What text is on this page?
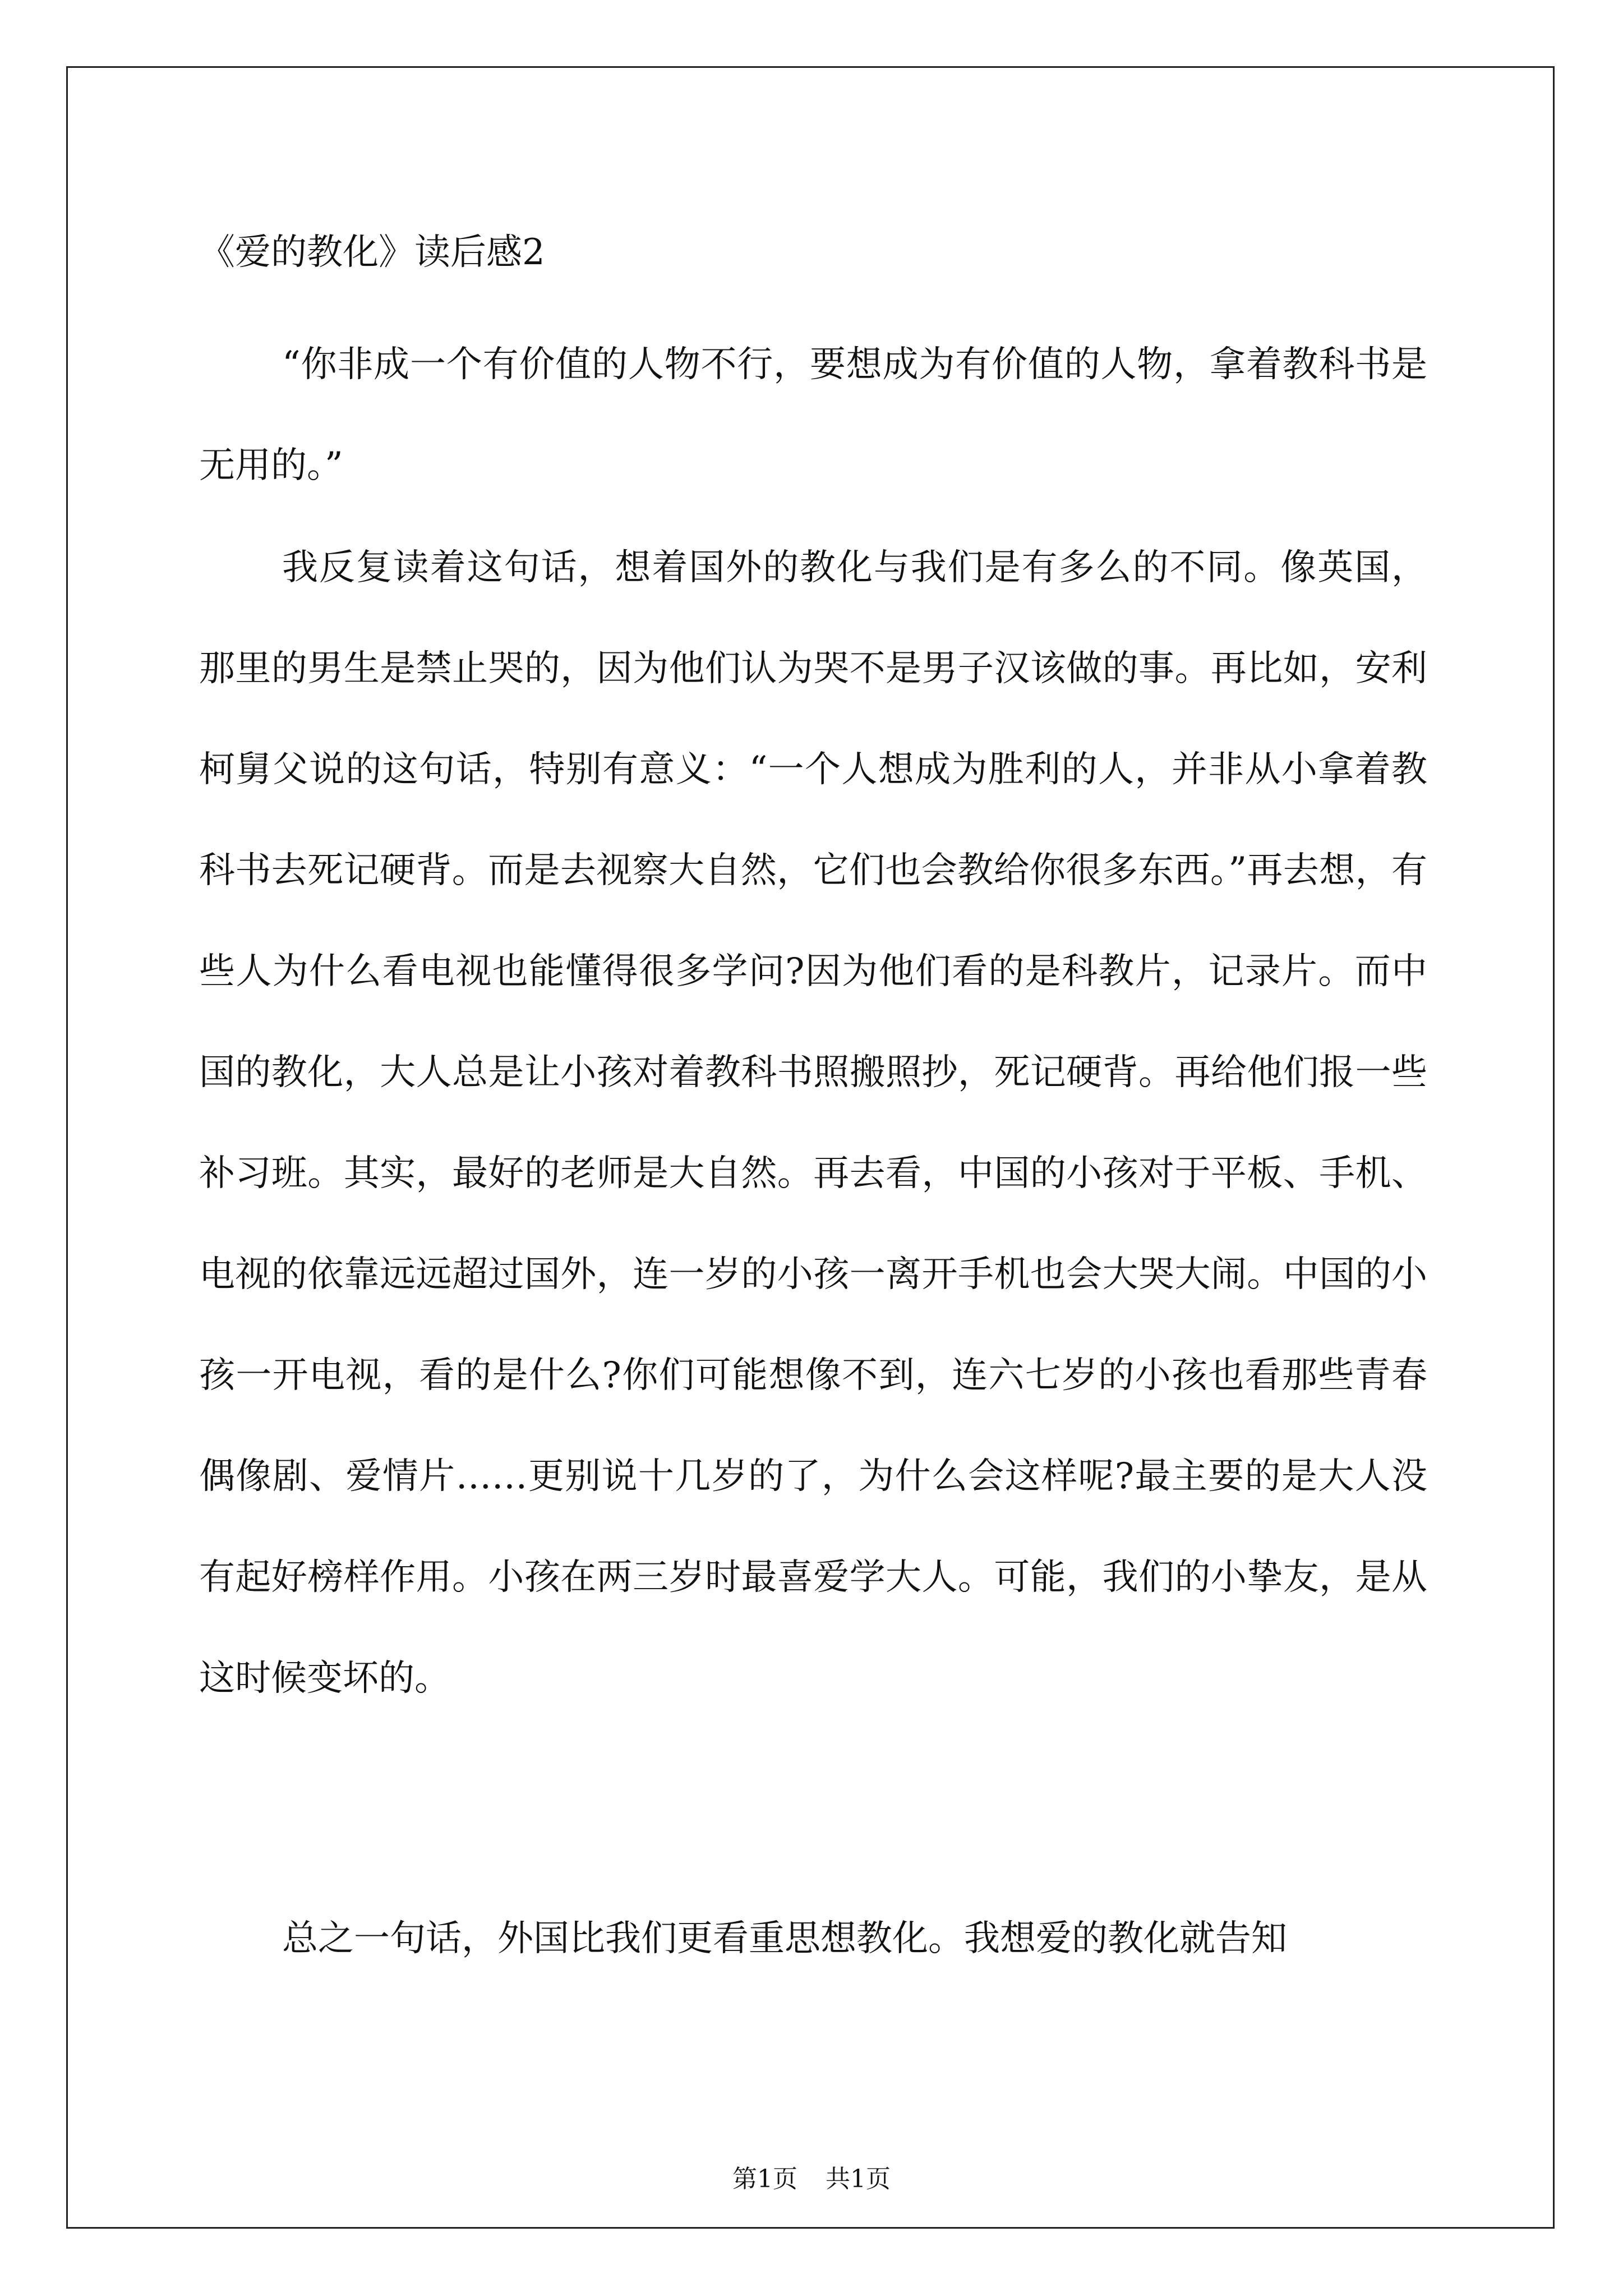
《爱的教化》读后感2

“你非成一个有价值的人物不行，要想成为有价值的人物，拿着教科书是无用的。”

我反复读着这句话，想着国外的教化与我们是有多么的不同。像英国，那里的男生是禁止哭的，因为他们认为哭不是男子汉该做的事。再比如，安利柯舅父说的这句话，特别有意义：“一个人想成为胜利的人，并非从小拿着教科书去死记硬背。而是去视察大自然，它们也会教给你很多东西。”再去想，有些人为什么看电视也能懂得很多学问?因为他们看的是科教片，记录片。而中国的教化，大人总是让小孩对着教科书照搬照抄，死记硬背。再给他们报一些补习班。其实，最好的老师是大自然。再去看，中国的小孩对于平板、手机、电视的依靠远远超过国外，连一岁的小孩一离开手机也会大哭大闹。中国的小孩一开电视，看的是什么?你们可能想像不到，连六七岁的小孩也看那些青春偶像剧、爱情片……更别说十几岁的了，为什么会这样呢?最主要的是大人没有起好榜样作用。小孩在两三岁时最喜爱学大人。可能，我们的小挚友，是从这时候变坏的。

总之一句话，外国比我们更看重思想教化。我想爱的教化就告知

第1页 共1页
